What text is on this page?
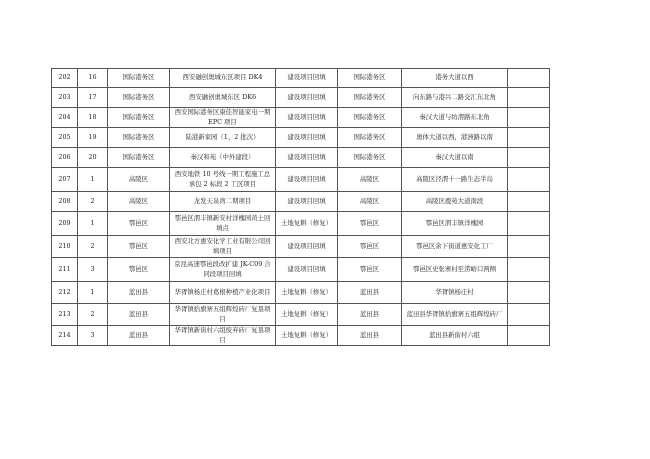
202	16	国际港务区	西安融创奥城东区项目 DK4	建设项目回填	国际港务区	港务大道以西	
203	17	国际港务区	西安融创奥城东区 DK6	建设项目回填	国际港务区	向东路与港兴二路交汇东北角	
204	18	国际港务区	西安国际港务区康佳智能家电一期 EPC 项目	建设项目回填	国际港务区	秦汉大道与纺渭路东北角	
205	19	国际港务区	陆港新家园（1、2 批次）	建设项目回填	国际港务区	奥体大道以西，港洲路以南	
206	20	国际港务区	秦汉和苑（中外建段）	建设项目回填	国际港务区	秦汉大道以南	
207	1	高陵区	西安地铁 10 号线一期工程施工总承包 2 标段 2 工区项目	建设项目回填	高陵区	高陵区泾渭十一路生态半岛	
208	2	高陵区	龙发天泉湾二期项目	建设项目回填	高陵区	高陵区鹿苑大道南段	
209	1	鄠邑区	鄠邑区渭丰镇新安村洋槐园黄土回填点	土地复耕（修复）	鄠邑区	鄠邑区渭丰镇洋槐园	
210	2	鄠邑区	西安北方惠安化学工业有限公司回填项目	建设项目回填	鄠邑区	鄠邑区余下街道惠安化工厂	
211	3	鄠邑区	京昆高速鄠邑段改扩建 JK-C09 合同段项目回填	建设项目回填	鄠邑区	鄠邑区史张寨村至涝峪口两侧	
212	1	蓝田县	华胥镇杨庄村葛根种植产业化项目	土地复耕（修复）	蓝田县	华胥镇杨庄村	
213	2	蓝田县	华胥镇拾旗寨五组辉煌砖厂复垦项目	土地复耕（修复）	蓝田县	蓝田县华胥镇拾旗寨五组辉煌砖厂	
214	3	蓝田县	华胥镇新街村六组废弃砖厂复垦项目	土地复耕（修复）	蓝田县	蓝田县新街村六组	
